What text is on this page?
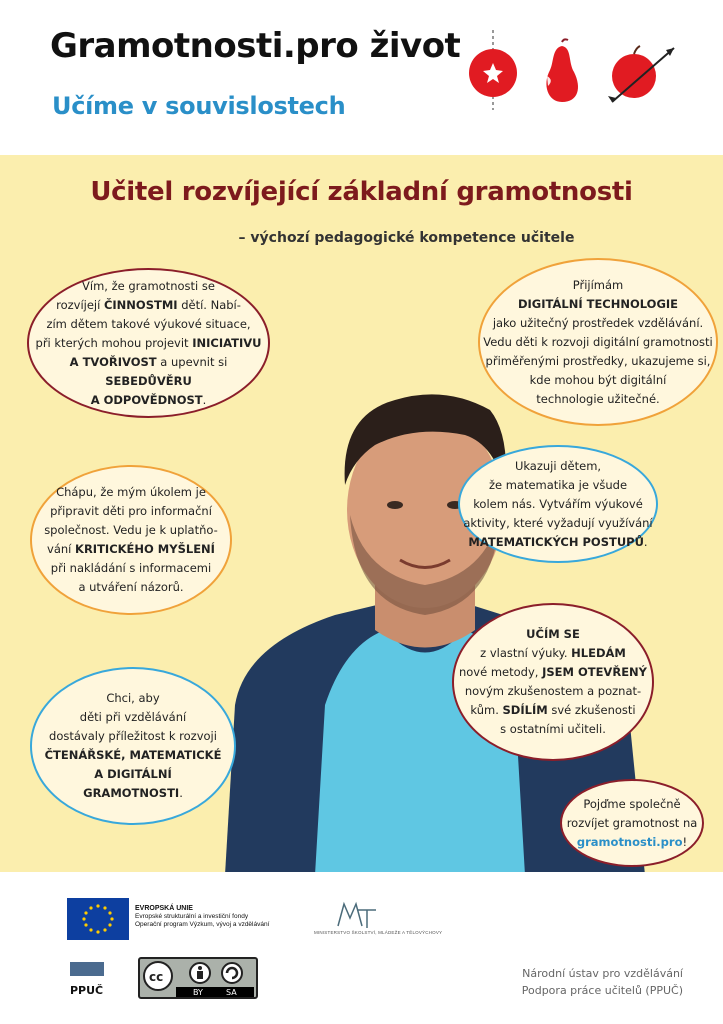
Gramotnosti.pro život
Učíme v souvislostech
Učitel rozvíjející základní gramotnosti
– výchozí pedagogické kompetence učitele

Vím, že gramotnosti se
rozvíjejí ČINNOSTMI dětí. Nabí-
zím dětem takové výukové situace,
při kterých mohou projevit INICIATIVU
A TVOŘIVOST a upevnit si SEBEDŮVĚRU
A ODPOVĚDNOST.

Přijímám
DIGITÁLNÍ TECHNOLOGIE
jako užitečný prostředek vzdělávání.
Vedu děti k rozvoji digitální gramotnosti
přiměřenými prostředky, ukazujeme si,
kde mohou být digitální
technologie užitečné.

Chápu, že mým úkolem je
připravit děti pro informační
společnost. Vedu je k uplatňo-
vání KRITICKÉHO MYŠLENÍ
při nakládání s informacemi
a utváření názorů.

Ukazuji dětem,
že matematika je všude
kolem nás. Vytvářím výukové
aktivity, které vyžadují využívání
MATEMATICKÝCH POSTUPŮ.

UČÍM SE
z vlastní výuky. HLEDÁM
nové metody, JSEM OTEVŘENÝ
novým zkušenostem a poznat-
kům. SDÍLÍM své zkušenosti
s ostatními učiteli.

Chci, aby
děti při vzdělávání
dostávaly příležitost k rozvoji
ČTENÁŘSKÉ, MATEMATICKÉ
A DIGITÁLNÍ
GRAMOTNOSTI.

Pojďme společně
rozvíjet gramotnost na
gramotnosti.pro!

EVROPSKÁ UNIE
Evropské strukturální a investiční fondy
Operační program Výzkum, vývoj a vzdělávání
MINISTERSTVO ŠKOLSTVÍ, MLÁDEŽE A TĚLOVÝCHOVY
PPUČ
cc
BY	SA
Národní ústav pro vzdělávání
Podpora práce učitelů (PPUČ)
